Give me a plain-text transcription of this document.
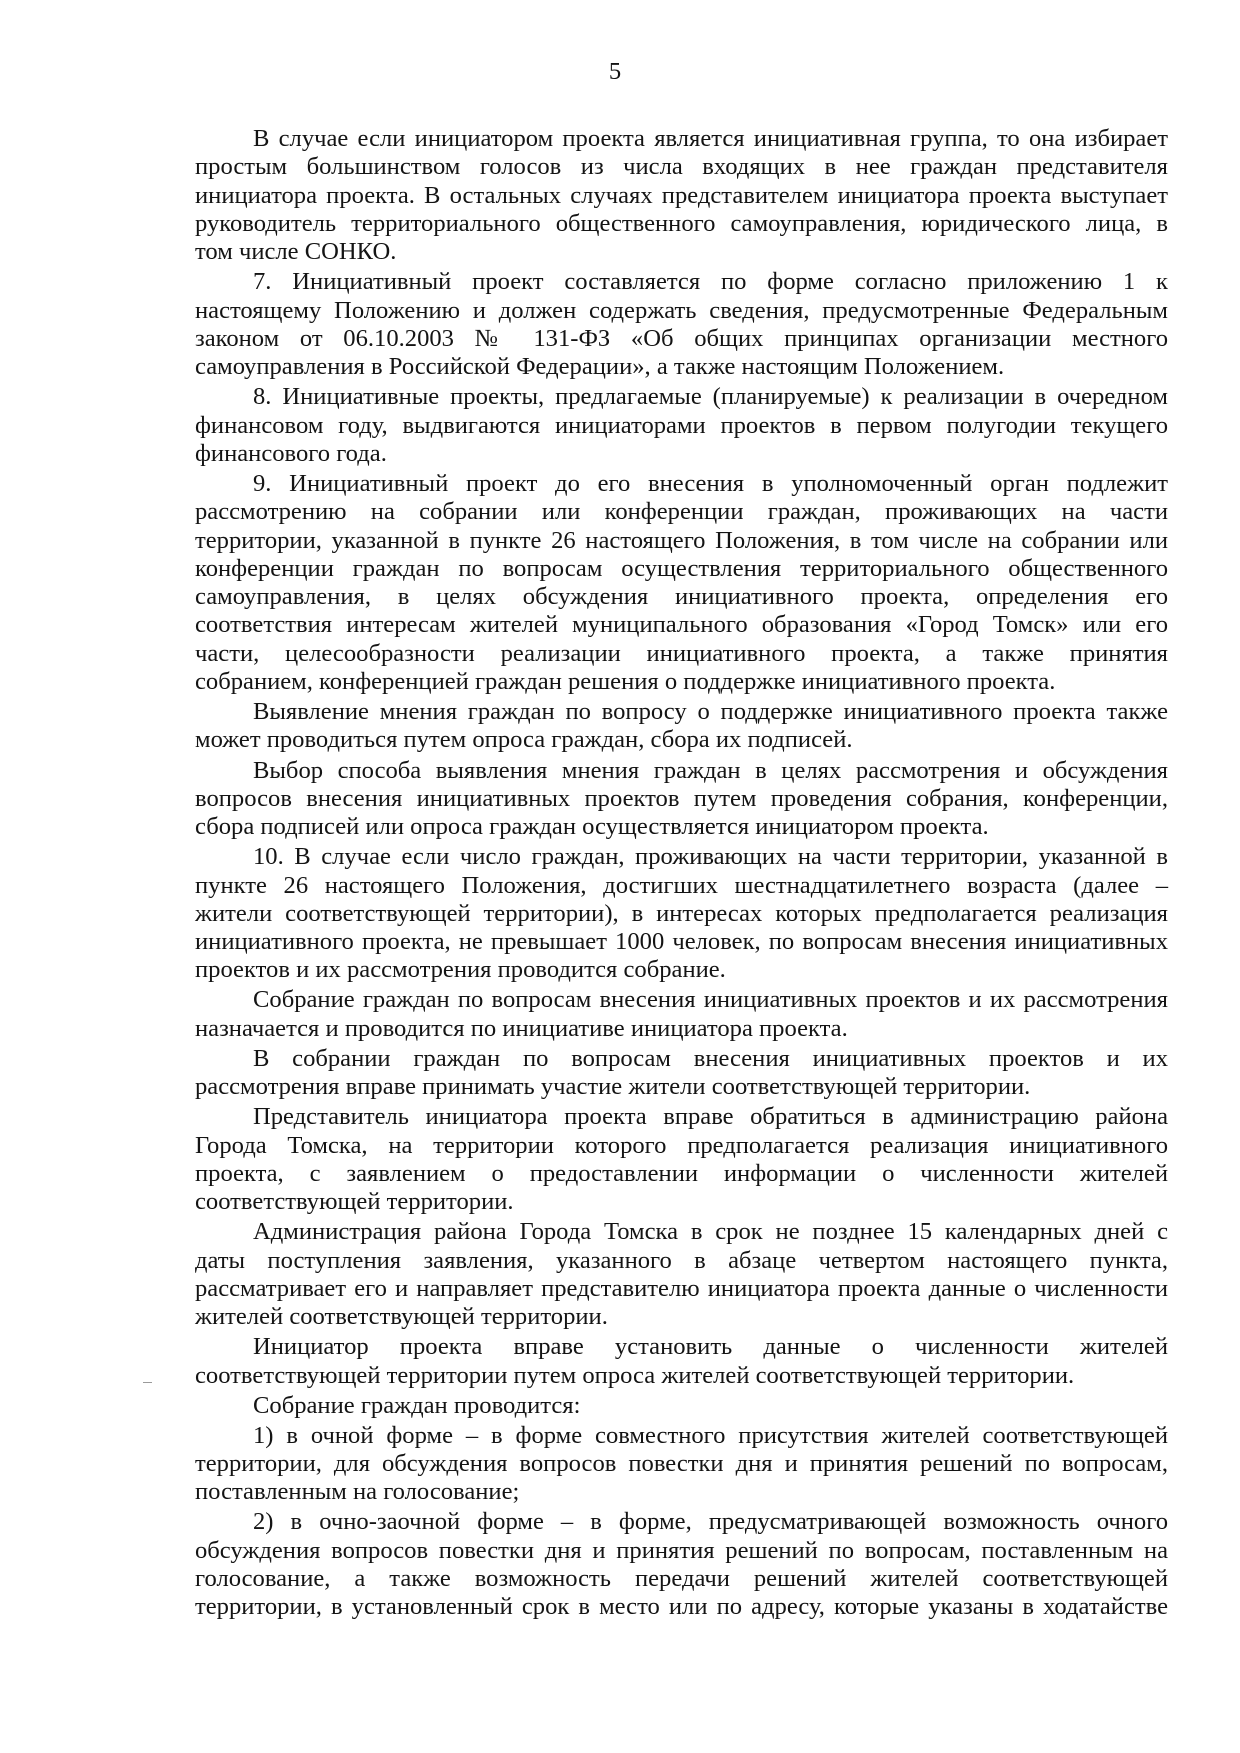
5
В случае если инициатором проекта является инициативная группа, то она избирает
простым большинством голосов из числа входящих в нее граждан представителя
инициатора проекта. В остальных случаях представителем инициатора проекта выступает
руководитель территориального общественного самоуправления, юридического лица, в
том числе СОНКО.
7. Инициативный проект составляется по форме согласно приложению 1 к
настоящему Положению и должен содержать сведения, предусмотренные Федеральным
законом от 06.10.2003 № 131-ФЗ «Об общих принципах организации местного
самоуправления в Российской Федерации», а также настоящим Положением.
8. Инициативные проекты, предлагаемые (планируемые) к реализации в очередном
финансовом году, выдвигаются инициаторами проектов в первом полугодии текущего
финансового года.
9. Инициативный проект до его внесения в уполномоченный орган подлежит
рассмотрению на собрании или конференции граждан, проживающих на части
территории, указанной в пункте 26 настоящего Положения, в том числе на собрании или
конференции граждан по вопросам осуществления территориального общественного
самоуправления, в целях обсуждения инициативного проекта, определения его
соответствия интересам жителей муниципального образования «Город Томск» или его
части, целесообразности реализации инициативного проекта, а также принятия
собранием, конференцией граждан решения о поддержке инициативного проекта.
Выявление мнения граждан по вопросу о поддержке инициативного проекта также
может проводиться путем опроса граждан, сбора их подписей.
Выбор способа выявления мнения граждан в целях рассмотрения и обсуждения
вопросов внесения инициативных проектов путем проведения собрания, конференции,
сбора подписей или опроса граждан осуществляется инициатором проекта.
10. В случае если число граждан, проживающих на части территории, указанной в
пункте 26 настоящего Положения, достигших шестнадцатилетнего возраста (далее –
жители соответствующей территории), в интересах которых предполагается реализация
инициативного проекта, не превышает 1000 человек, по вопросам внесения инициативных
проектов и их рассмотрения проводится собрание.
Собрание граждан по вопросам внесения инициативных проектов и их рассмотрения
назначается и проводится по инициативе инициатора проекта.
В собрании граждан по вопросам внесения инициативных проектов и их
рассмотрения вправе принимать участие жители соответствующей территории.
Представитель инициатора проекта вправе обратиться в администрацию района
Города Томска, на территории которого предполагается реализация инициативного
проекта, с заявлением о предоставлении информации о численности жителей
соответствующей территории.
Администрация района Города Томска в срок не позднее 15 календарных дней с
даты поступления заявления, указанного в абзаце четвертом настоящего пункта,
рассматривает его и направляет представителю инициатора проекта данные о численности
жителей соответствующей территории.
Инициатор проекта вправе установить данные о численности жителей
соответствующей территории путем опроса жителей соответствующей территории.
Собрание граждан проводится:
1) в очной форме – в форме совместного присутствия жителей соответствующей
территории, для обсуждения вопросов повестки дня и принятия решений по вопросам,
поставленным на голосование;
2) в очно-заочной форме – в форме, предусматривающей возможность очного
обсуждения вопросов повестки дня и принятия решений по вопросам, поставленным на
голосование, а также возможность передачи решений жителей соответствующей
территории, в установленный срок в место или по адресу, которые указаны в ходатайстве
